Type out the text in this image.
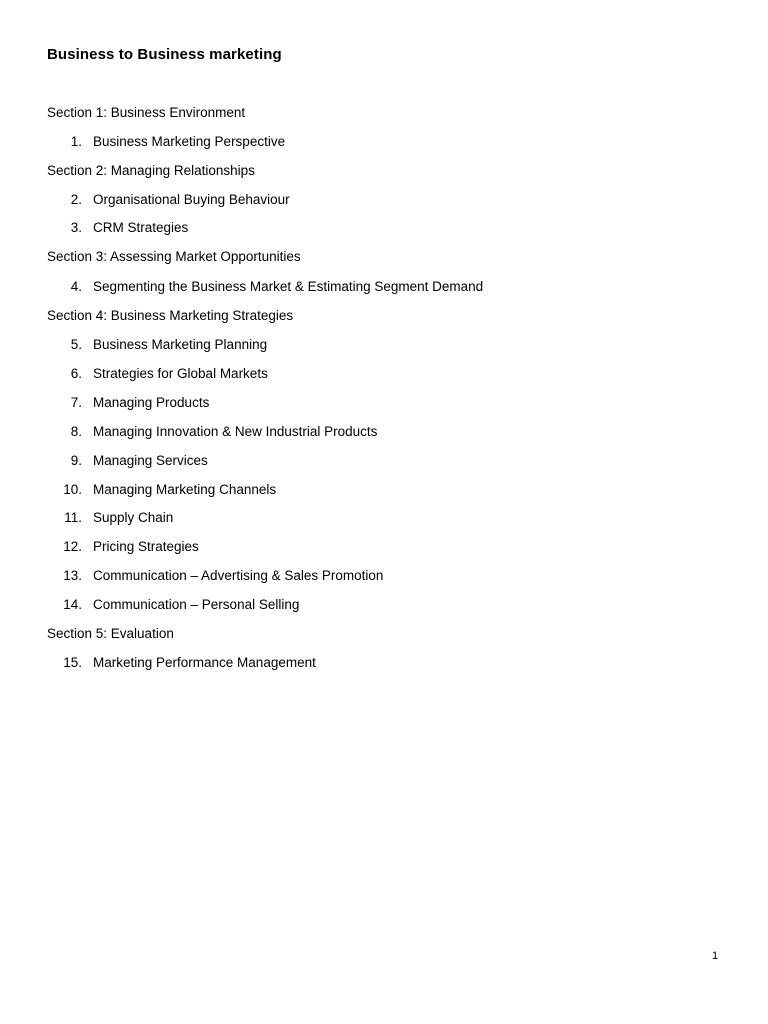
Business to Business marketing
Section 1: Business Environment
1. Business Marketing Perspective
Section 2: Managing Relationships
2. Organisational Buying Behaviour
3. CRM Strategies
Section 3: Assessing Market Opportunities
4. Segmenting the Business Market & Estimating Segment Demand
Section 4: Business Marketing Strategies
5. Business Marketing Planning
6. Strategies for Global Markets
7. Managing Products
8. Managing Innovation & New Industrial Products
9. Managing Services
10. Managing Marketing Channels
11. Supply Chain
12. Pricing Strategies
13. Communication – Advertising & Sales Promotion
14. Communication – Personal Selling
Section 5: Evaluation
15. Marketing Performance Management
1
